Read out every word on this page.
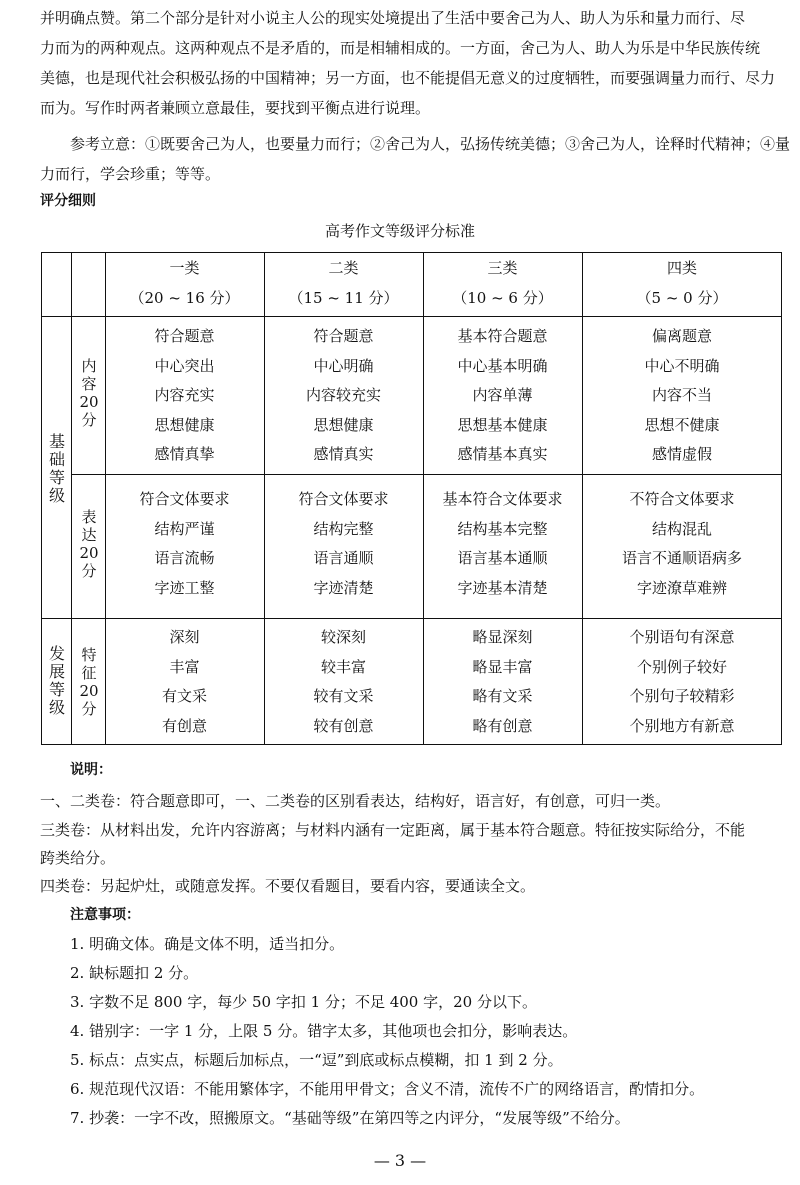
并明确点赞。第二个部分是针对小说主人公的现实处境提出了生活中要舍己为人、助人为乐和量力而行、尽
力而为的两种观点。这两种观点不是矛盾的，而是相辅相成的。一方面，舍己为人、助人为乐是中华民族传统
美德，也是现代社会积极弘扬的中国精神；另一方面，也不能提倡无意义的过度牺牲，而要强调量力而行、尽力
而为。写作时两者兼顾立意最佳，要找到平衡点进行说理。
参考立意：①既要舍己为人，也要量力而行；②舍己为人，弘扬传统美德；③舍己为人，诠释时代精神；④量
力而行，学会珍重；等等。
评分细则
高考作文等级评分标准
一类
（20 ~ 16 分）
二类
（15 ~ 11 分）
三类
（10 ~ 6 分）
四类
（5 ~ 0 分）
基
础
等
级
发
展
等
级
内
容
20
分
表
达
20
分
特
征
20
分
符合题意
中心突出
内容充实
思想健康
感情真挚
符合题意
中心明确
内容较充实
思想健康
感情真实
基本符合题意
中心基本明确
内容单薄
思想基本健康
感情基本真实
偏离题意
中心不明确
内容不当
思想不健康
感情虚假
符合文体要求
结构严谨
语言流畅
字迹工整
符合文体要求
结构完整
语言通顺
字迹清楚
基本符合文体要求
结构基本完整
语言基本通顺
字迹基本清楚
不符合文体要求
结构混乱
语言不通顺语病多
字迹潦草难辨
深刻
丰富
有文采
有创意
较深刻
较丰富
较有文采
较有创意
略显深刻
略显丰富
略有文采
略有创意
个别语句有深意
个别例子较好
个别句子较精彩
个别地方有新意
说明：
一、二类卷：符合题意即可，一、二类卷的区别看表达，结构好，语言好，有创意，可归一类。
三类卷：从材料出发，允许内容游离；与材料内涵有一定距离，属于基本符合题意。特征按实际给分，不能
跨类给分。
四类卷：另起炉灶，或随意发挥。不要仅看题目，要看内容，要通读全文。
注意事项：
1. 明确文体。确是文体不明，适当扣分。
2. 缺标题扣 2 分。
3. 字数不足 800 字，每少 50 字扣 1 分；不足 400 字，20 分以下。
4. 错别字：一字 1 分，上限 5 分。错字太多，其他项也会扣分，影响表达。
5. 标点：点实点，标题后加标点，一“逗”到底或标点模糊，扣 1 到 2 分。
6. 规范现代汉语：不能用繁体字，不能用甲骨文；含义不清，流传不广的网络语言，酌情扣分。
7. 抄袭：一字不改，照搬原文。“基础等级”在第四等之内评分，“发展等级”不给分。
— 3 —
